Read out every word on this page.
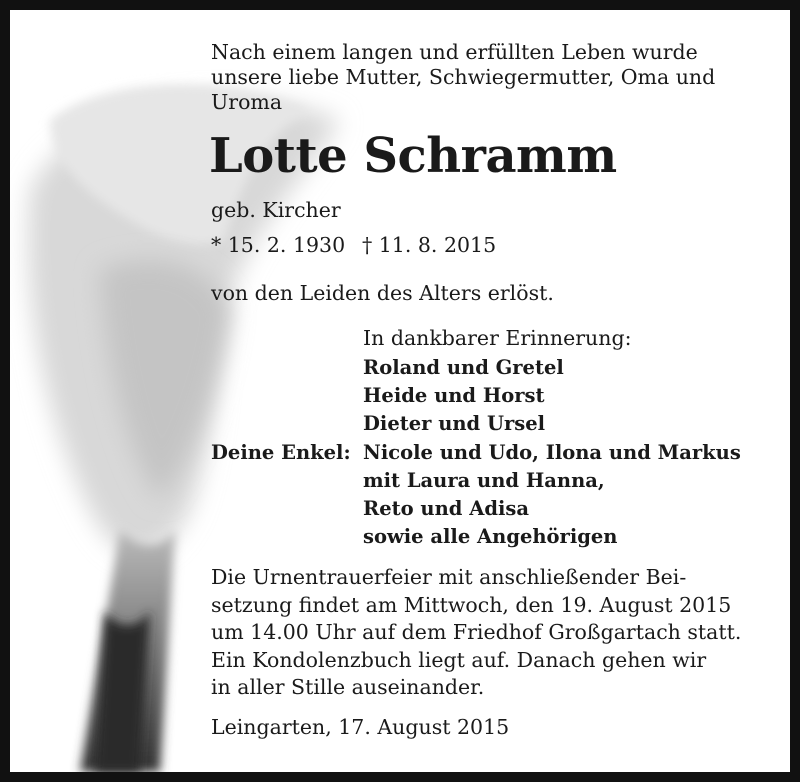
Nach einem langen und erfüllten Leben wurde
unsere liebe Mutter, Schwiegermutter, Oma und
Uroma
Lotte Schramm
geb. Kircher
* 15. 2. 1930 † 11. 8. 2015
von den Leiden des Alters erlöst.
In dankbarer Erinnerung:
Roland und Gretel
Heide und Horst
Dieter und Ursel
Deine Enkel: Nicole und Udo, Ilona und Markus
mit Laura und Hanna,
Reto und Adisa
sowie alle Angehörigen
Die Urnentrauerfeier mit anschließender Bei-
setzung findet am Mittwoch, den 19. August 2015
um 14.00 Uhr auf dem Friedhof Großgartach statt.
Ein Kondolenzbuch liegt auf. Danach gehen wir
in aller Stille auseinander.
Leingarten, 17. August 2015
